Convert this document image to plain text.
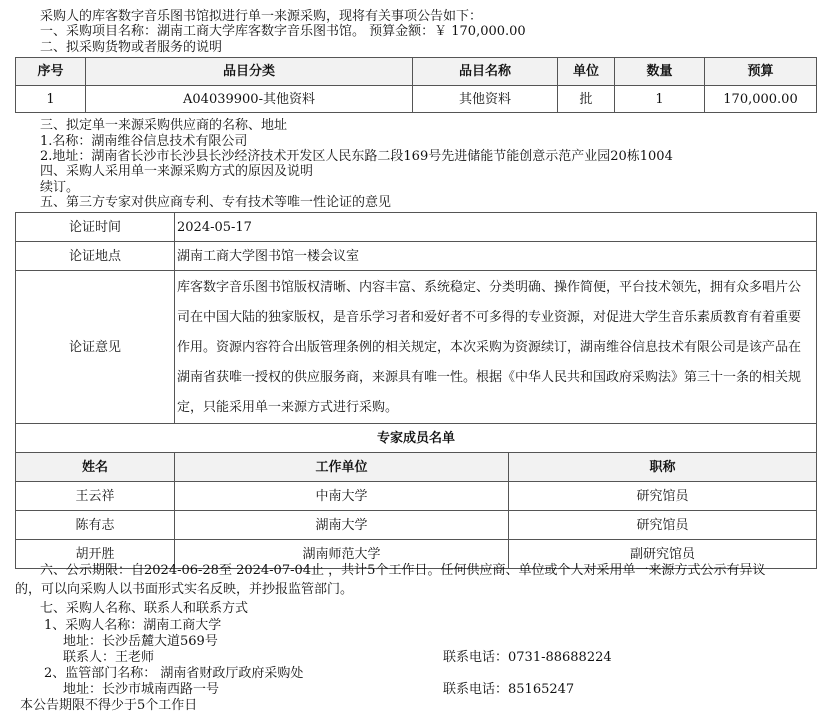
采购人的库客数字音乐图书馆拟进行单一来源采购，现将有关事项公告如下：
一、采购项目名称：湖南工商大学库客数字音乐图书馆。 预算金额：￥ 170,000.00
二、拟采购货物或者服务的说明
序号	品目分类	品目名称	单位	数量	预算
1	A04039900-其他资料	其他资料	批	1	170,000.00
三、拟定单一来源采购供应商的名称、地址
1.名称：湖南维谷信息技术有限公司
2.地址：湖南省长沙市长沙县长沙经济技术开发区人民东路二段169号先进储能节能创意示范产业园20栋1004
四、采购人采用单一来源采购方式的原因及说明
续订。
五、第三方专家对供应商专利、专有技术等唯一性论证的意见
论证时间	2024-05-17	
论证地点	湖南工商大学图书馆一楼会议室	
论证意见	库客数字音乐图书馆版权清晰、内容丰富、系统稳定、分类明确、操作简便，平台技术领先，拥有众多唱片公司在中国大陆的独家版权，是音乐学习者和爱好者不可多得的专业资源，对促进大学生音乐素质教育有着重要作用。资源内容符合出版管理条例的相关规定，本次采购为资源续订，湖南维谷信息技术有限公司是该产品在湖南省获唯一授权的供应服务商，来源具有唯一性。根据《中华人民共和国政府采购法》第三十一条的相关规定，只能采用单一来源方式进行采购。	
专家成员名单		
姓名	工作单位	职称
王云祥	中南大学	研究馆员
陈有志	湖南大学	研究馆员
胡开胜	湖南师范大学	副研究馆员
六、公示期限：自2024-06-28至 2024-07-04止 ，共计5个工作日。任何供应商、单位或个人对采用单一来源方式公示有异议
的，可以向采购人以书面形式实名反映，并抄报监管部门。
七、采购人名称、联系人和联系方式
1、采购人名称：湖南工商大学
地址：长沙岳麓大道569号
联系人：王老师	联系电话：0731-88688224
2、监管部门名称： 湖南省财政厅政府采购处
地址：长沙市城南西路一号	联系电话：85165247
本公告期限不得少于5个工作日
